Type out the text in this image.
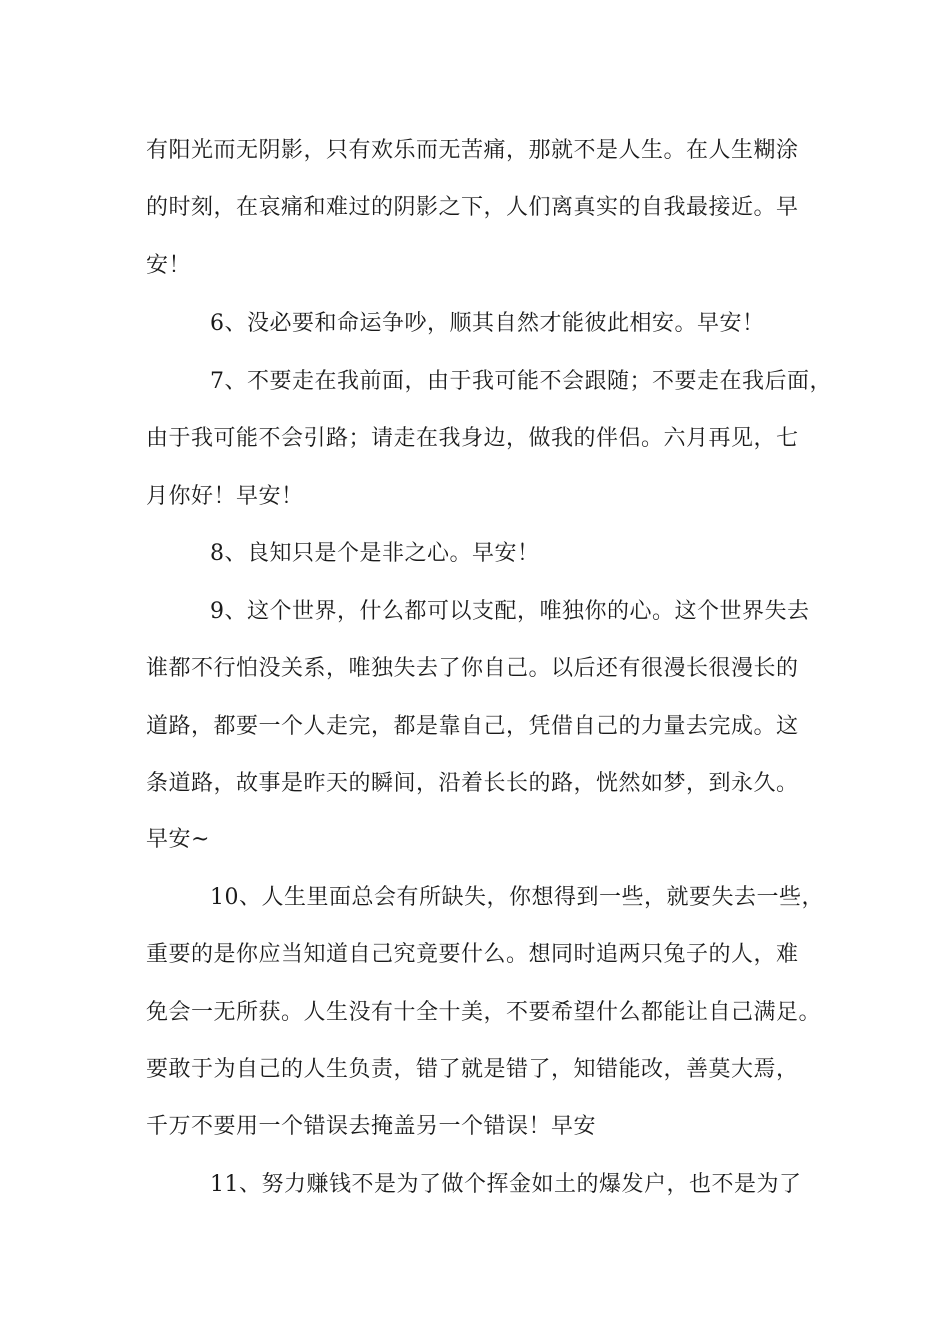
有阳光而无阴影，只有欢乐而无苦痛，那就不是人生。在人生糊涂
的时刻，在哀痛和难过的阴影之下，人们离真实的自我最接近。早
安！
6、没必要和命运争吵，顺其自然才能彼此相安。早安！
7、不要走在我前面，由于我可能不会跟随；不要走在我后面，
由于我可能不会引路；请走在我身边，做我的伴侣。六月再见，七
月你好！早安！
8、良知只是个是非之心。早安！
9、这个世界，什么都可以支配，唯独你的心。这个世界失去
谁都不行怕没关系，唯独失去了你自己。以后还有很漫长很漫长的
道路，都要一个人走完，都是靠自己，凭借自己的力量去完成。这
条道路，故事是昨天的瞬间，沿着长长的路，恍然如梦，到永久。
早安~
10、人生里面总会有所缺失，你想得到一些，就要失去一些，
重要的是你应当知道自己究竟要什么。想同时追两只兔子的人，难
免会一无所获。人生没有十全十美，不要希望什么都能让自己满足。
要敢于为自己的人生负责，错了就是错了，知错能改，善莫大焉，
千万不要用一个错误去掩盖另一个错误！早安
11、努力赚钱不是为了做个挥金如土的爆发户，也不是为了
